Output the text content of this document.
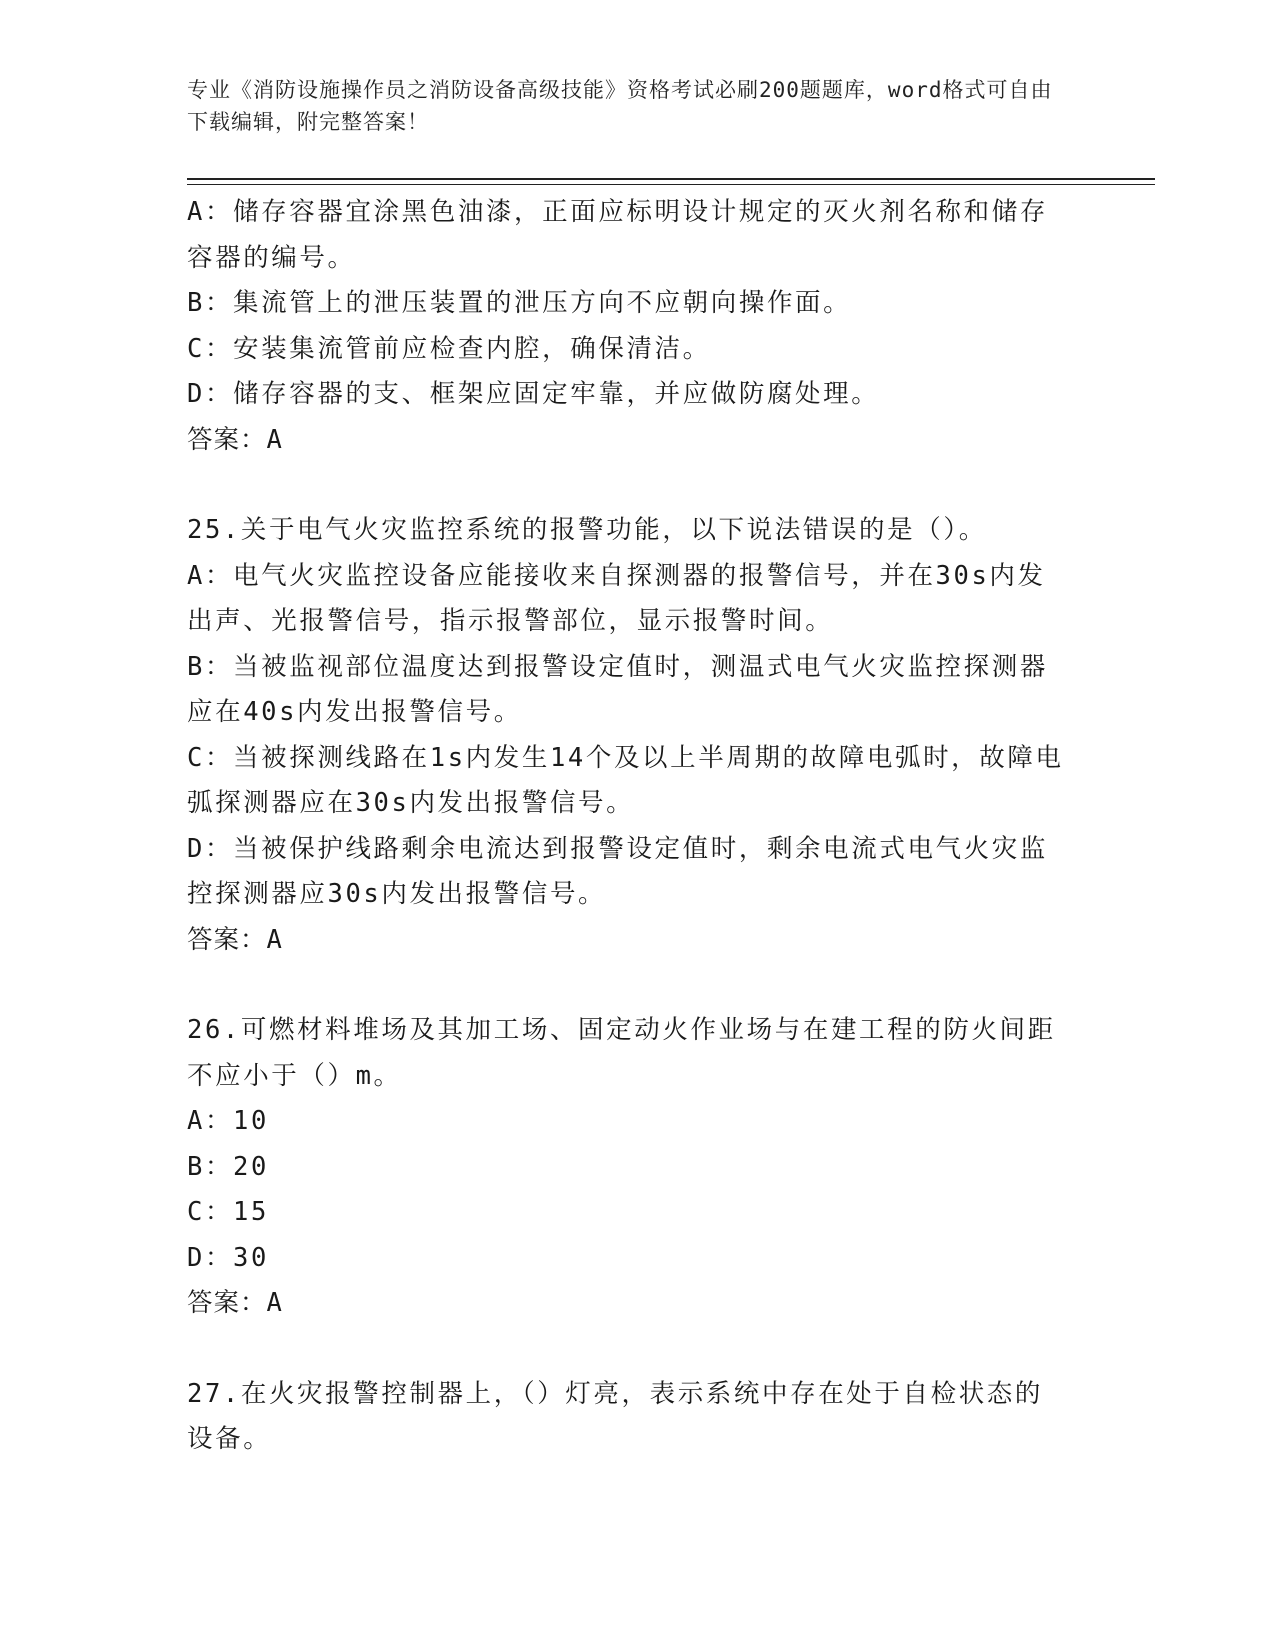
专业《消防设施操作员之消防设备高级技能》资格考试必刷200题题库，word格式可自由下载编辑，附完整答案！

A：储存容器宜涂黑色油漆，正面应标明设计规定的灭火剂名称和储存容器的编号。

B：集流管上的泄压装置的泄压方向不应朝向操作面。

C：安装集流管前应检查内腔，确保清洁。

D：储存容器的支、框架应固定牢靠，并应做防腐处理。

答案：A

25.关于电气火灾监控系统的报警功能，以下说法错误的是（）。

A：电气火灾监控设备应能接收来自探测器的报警信号，并在30s内发出声、光报警信号，指示报警部位，显示报警时间。

B：当被监视部位温度达到报警设定值时，测温式电气火灾监控探测器应在40s内发出报警信号。

C：当被探测线路在1s内发生14个及以上半周期的故障电弧时，故障电弧探测器应在30s内发出报警信号。

D：当被保护线路剩余电流达到报警设定值时，剩余电流式电气火灾监控探测器应30s内发出报警信号。

答案：A

26.可燃材料堆场及其加工场、固定动火作业场与在建工程的防火间距不应小于（）m。

A：10

B：20

C：15

D：30

答案：A

27.在火灾报警控制器上，（）灯亮，表示系统中存在处于自检状态的设备。
